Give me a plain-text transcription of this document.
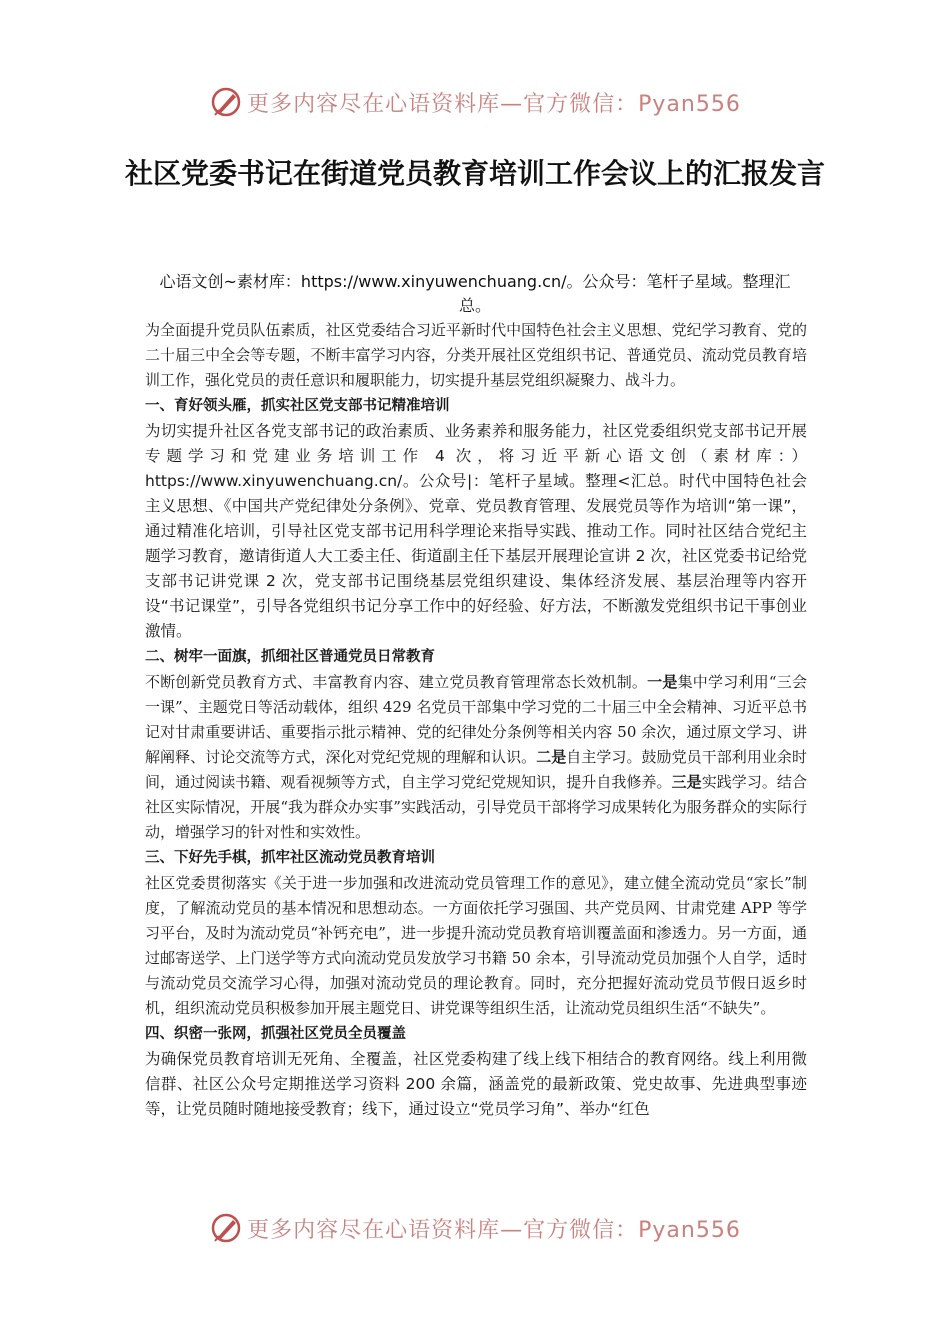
更多内容尽在心语资料库—官方微信：Pyan556
社区党委书记在街道党员教育培训工作会议上的汇报发言
心语文创~素材库：https://www.xinyuwenchuang.cn/。公众号：笔杆子星域。整理汇总。

为全面提升党员队伍素质，社区党委结合习近平新时代中国特色社会主义思想、党纪学习教育、党的二十届三中全会等专题，不断丰富学习内容，分类开展社区党组织书记、普通党员、流动党员教育培训工作，强化党员的责任意识和履职能力，切实提升基层党组织凝聚力、战斗力。

一、育好领头雁，抓实社区党支部书记精准培训

为切实提升社区各党支部书记的政治素质、业务素养和服务能力，社区党委组织党支部书记开展专题学习和党建业务培训工作 4 次，将习近平新心语文创（素材库：）https://www.xinyuwenchuang.cn/。公众号|：笔杆子星域。整理<汇总。时代中国特色社会主义思想、《中国共产党纪律处分条例》、党章、党员教育管理、发展党员等作为培训“第一课”，通过精准化培训，引导社区党支部书记用科学理论来指导实践、推动工作。同时社区结合党纪主题学习教育，邀请街道人大工委主任、街道副主任下基层开展理论宣讲 2 次，社区党委书记给党支部书记讲党课 2 次，党支部书记围绕基层党组织建设、集体经济发展、基层治理等内容开设“书记课堂”，引导各党组织书记分享工作中的好经验、好方法，不断激发党组织书记干事创业激情。

二、树牢一面旗，抓细社区普通党员日常教育

不断创新党员教育方式、丰富教育内容、建立党员教育管理常态长效机制。一是集中学习利用“三会一课”、主题党日等活动载体，组织 429 名党员干部集中学习党的二十届三中全会精神、习近平总书记对甘肃重要讲话、重要指示批示精神、党的纪律处分条例等相关内容 50 余次，通过原文学习、讲解阐释、讨论交流等方式，深化对党纪党规的理解和认识。二是自主学习。鼓励党员干部利用业余时间，通过阅读书籍、观看视频等方式，自主学习党纪党规知识，提升自我修养。三是实践学习。结合社区实际情况，开展“我为群众办实事”实践活动，引导党员干部将学习成果转化为服务群众的实际行动，增强学习的针对性和实效性。

三、下好先手棋，抓牢社区流动党员教育培训

社区党委贯彻落实《关于进一步加强和改进流动党员管理工作的意见》，建立健全流动党员“家长”制度，了解流动党员的基本情况和思想动态。一方面依托学习强国、共产党员网、甘肃党建 APP 等学习平台，及时为流动党员“补钙充电”，进一步提升流动党员教育培训覆盖面和渗透力。另一方面，通过邮寄送学、上门送学等方式向流动党员发放学习书籍 50 余本，引导流动党员加强个人自学，适时与流动党员交流学习心得，加强对流动党员的理论教育。同时，充分把握好流动党员节假日返乡时机，组织流动党员积极参加开展主题党日、讲党课等组织生活，让流动党员组织生活“不缺失”。

四、织密一张网，抓强社区党员全员覆盖

为确保党员教育培训无死角、全覆盖，社区党委构建了线上线下相结合的教育网络。线上利用微信群、社区公众号定期推送学习资料 200 余篇，涵盖党的最新政策、党史故事、先进典型事迹等，让党员随时随地接受教育；线下，通过设立“党员学习角”、举办“红色

更多内容尽在心语资料库—官方微信：Pyan556
